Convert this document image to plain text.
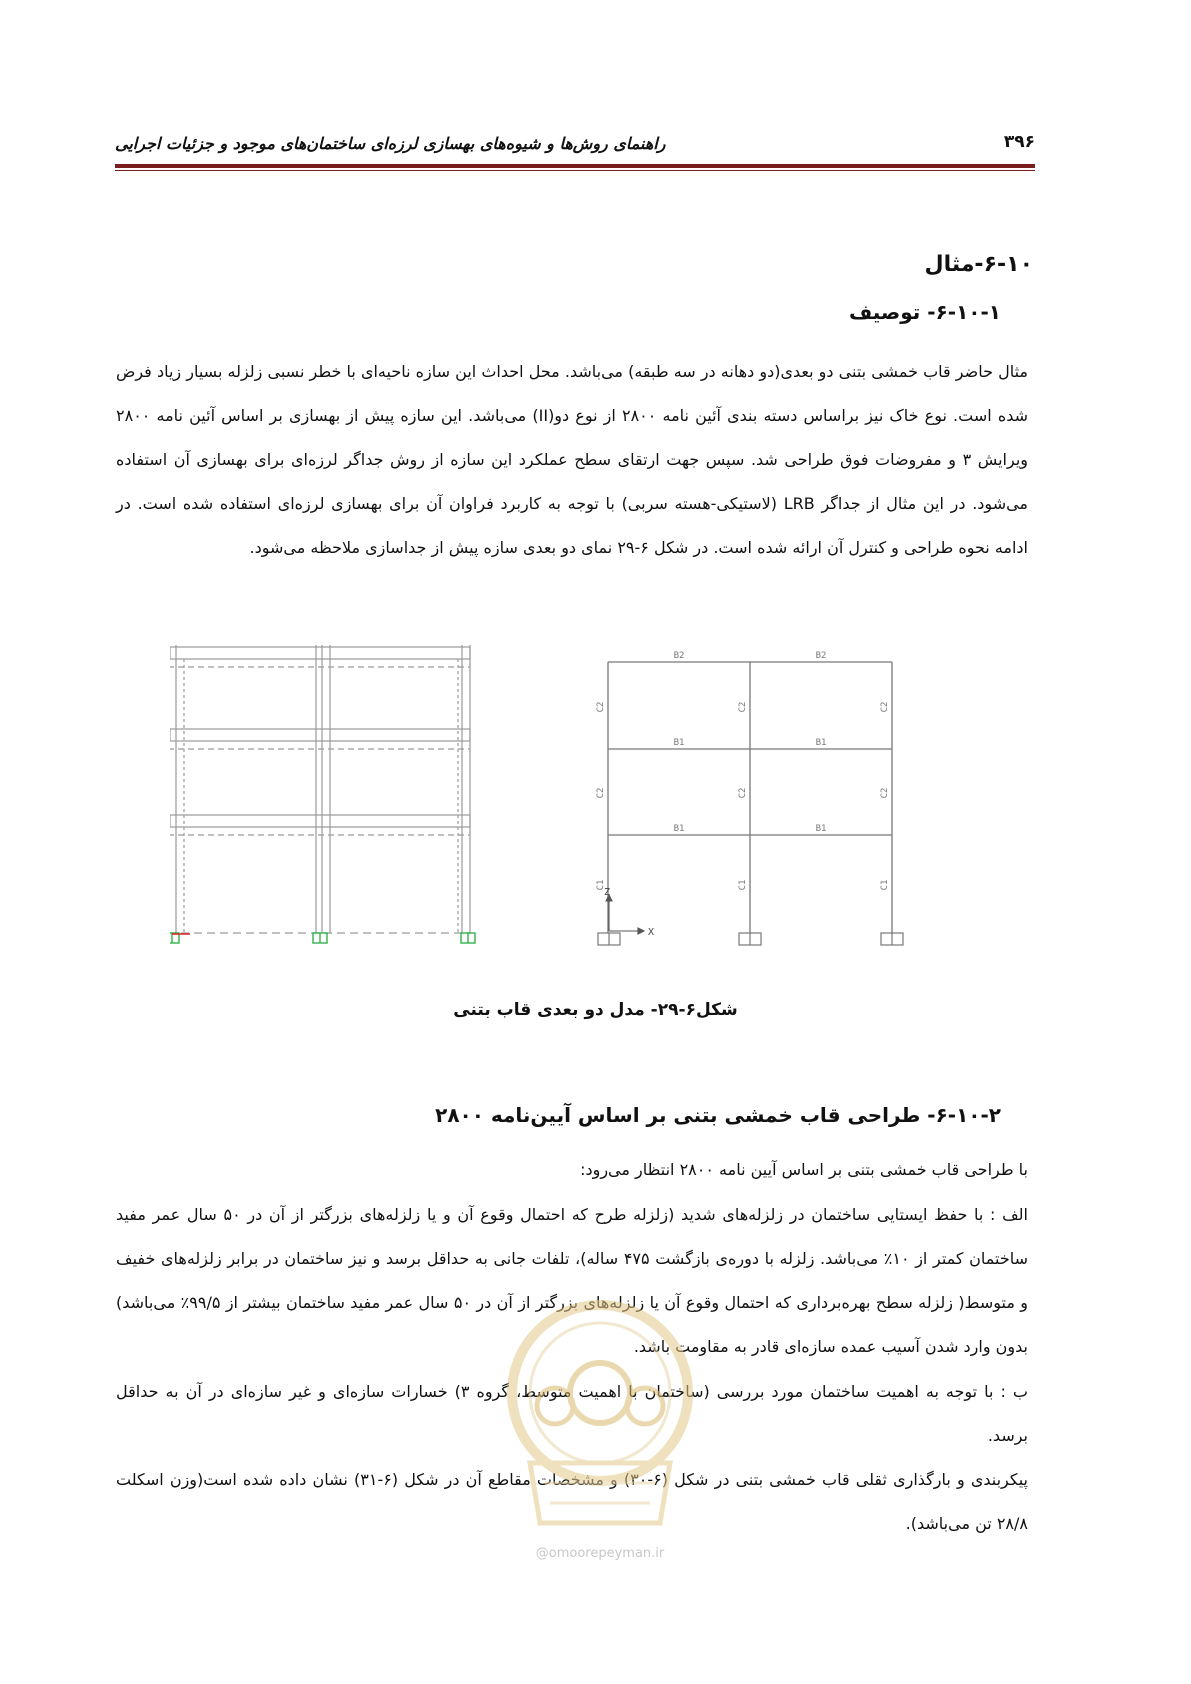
۳۹۶
راهنمای روش‌ها و شیوه‌های بهسازی لرزه‌ای ساختمان‌های موجود و جزئیات اجرایی
۶-۱۰-مثال
۶-۱۰-۱- توصیف
مثال حاضر قاب خمشی بتنی دو بعدی(دو دهانه در سه طبقه) می‌باشد. محل احداث این سازه ناحیه‌ای با خطر نسبی زلزله بسیار زیاد فرض شده است. نوع خاک نیز براساس دسته بندی آئین نامه ۲۸۰۰ از نوع دو(II) می‌باشد. این سازه پیش از بهسازی بر اساس آئین نامه ۲۸۰۰ ویرایش ۳ و مفروضات فوق طراحی شد. سپس جهت ارتقای سطح عملکرد این سازه از روش جداگر لرزه‌ای برای بهسازی آن استفاده می‌شود. در این مثال از جداگر LRB (لاستیکی-هسته سربی) با توجه به کاربرد فراوان آن برای بهسازی لرزه‌ای استفاده شده است. در ادامه نحوه طراحی و کنترل آن ارائه شده است. در شکل ۶-۲۹ نمای دو بعدی سازه پیش از جداسازی ملاحظه می‌شود.
B2	B2
B1	B1
B1	B1
C2	C2	C2
C2	C2	C2
C1	C1	C1
X
Z
شکل۶-۲۹- مدل دو بعدی قاب بتنی
۶-۱۰-۲- طراحی قاب خمشی بتنی بر اساس آیین‌نامه ۲۸۰۰
با طراحی قاب خمشی بتنی بر اساس آیین نامه ۲۸۰۰ انتظار می‌رود:
الف : با حفظ ایستایی ساختمان در زلزله‌های شدید (زلزله طرح که احتمال وقوع آن و یا زلزله‌های بزرگتر از آن در ۵۰ سال عمر مفید ساختمان کمتر از ۱۰٪ می‌باشد. زلزله با دوره‌ی بازگشت ۴۷۵ ساله)، تلفات جانی به حداقل برسد و نیز ساختمان در برابر زلزله‌های خفیف و متوسط( زلزله سطح بهره‌برداری که احتمال وقوع آن یا زلزله‌های بزرگتر از آن در ۵۰ سال عمر مفید ساختمان بیشتر از ۹۹/۵٪ می‌باشد) بدون وارد شدن آسیب عمده سازه‌ای قادر به مقاومت باشد.
ب : با توجه به اهمیت ساختمان مورد بررسی (ساختمان با اهمیت متوسط، گروه ۳) خسارات سازه‌ای و غیر سازه‌ای در آن به حداقل برسد.
پیکربندی و بارگذاری ثقلی قاب خمشی بتنی در شکل (۶-۳۰) و مشخصات مقاطع آن در شکل (۶-۳۱) نشان داده شده است(وزن اسکلت ۲۸/۸ تن می‌باشد).
@omoorepeyman.ir
